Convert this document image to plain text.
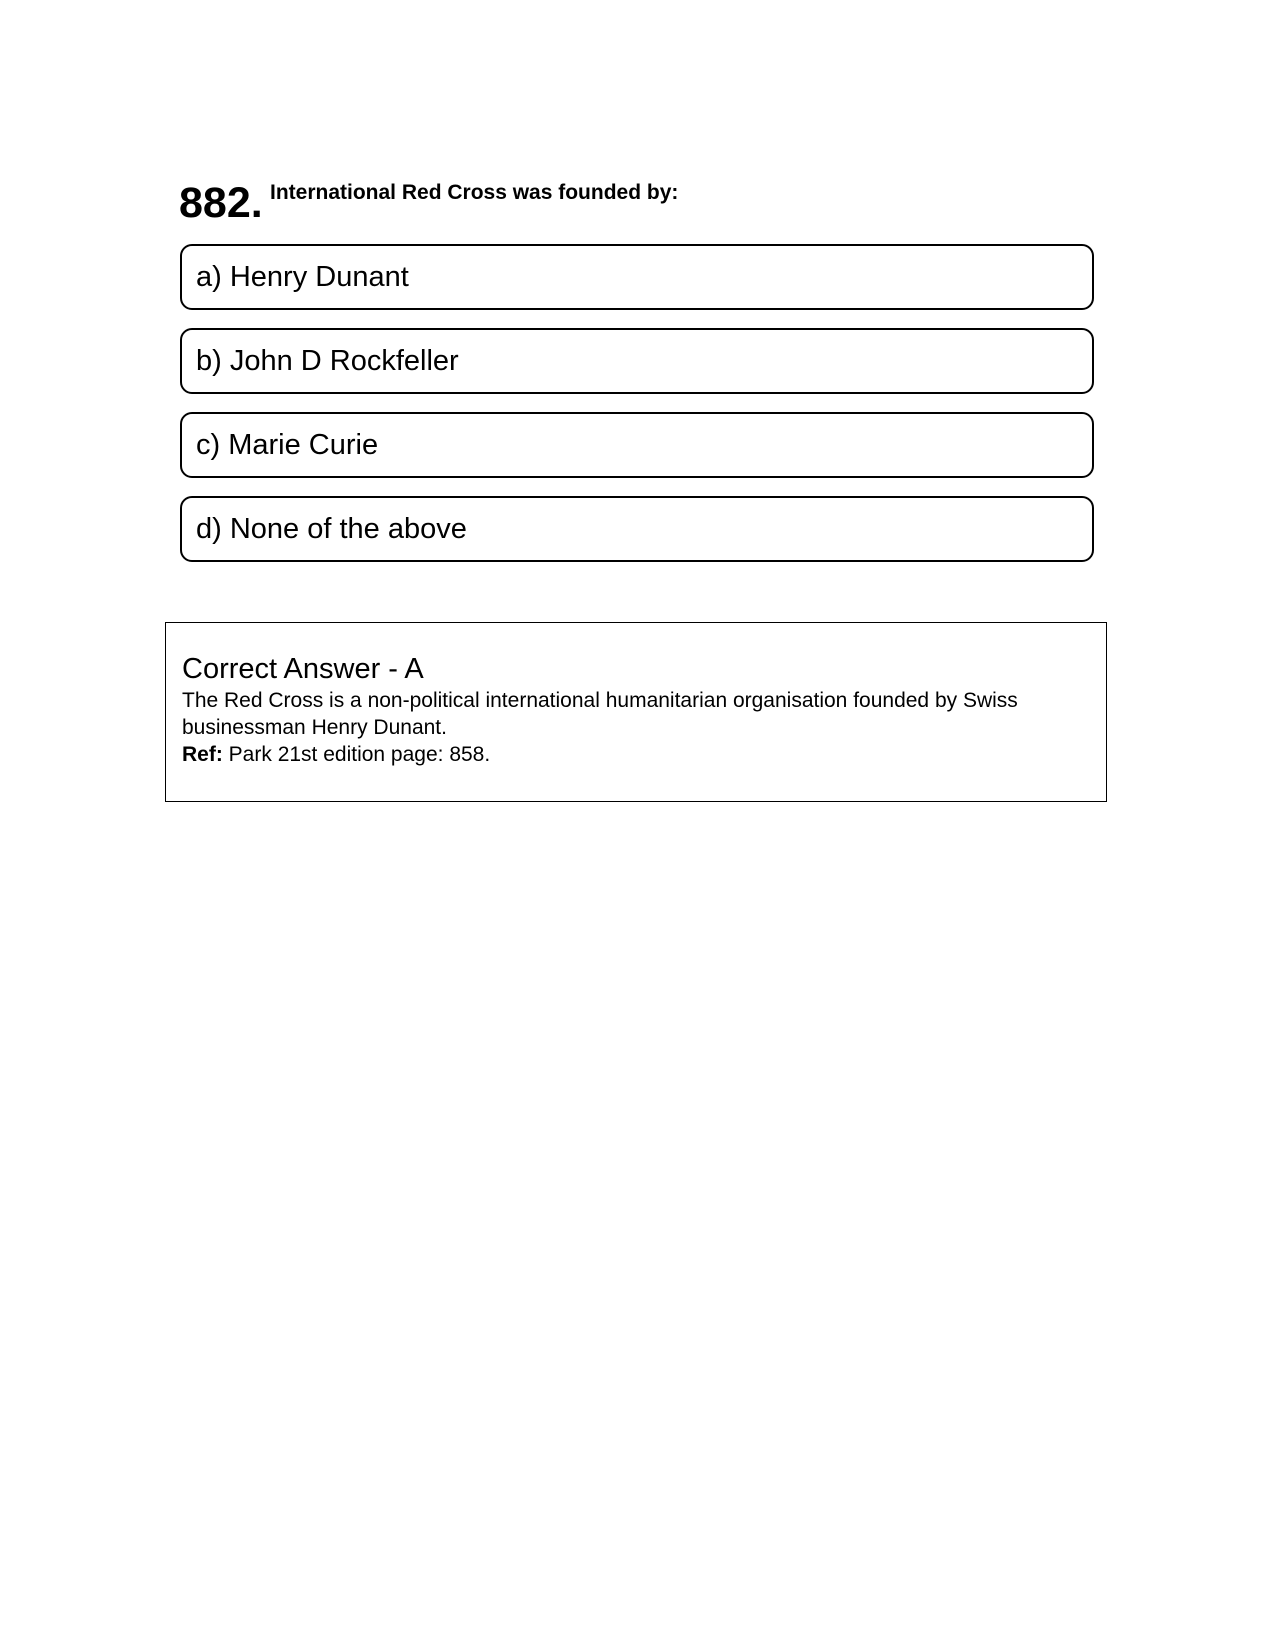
882. International Red Cross was founded by:
a) Henry Dunant
b) John D Rockfeller
c) Marie Curie
d) None of the above

Correct Answer - A

The Red Cross is a non-political international humanitarian organisation founded by Swiss businessman Henry Dunant.

Ref: Park 21st edition page: 858.
